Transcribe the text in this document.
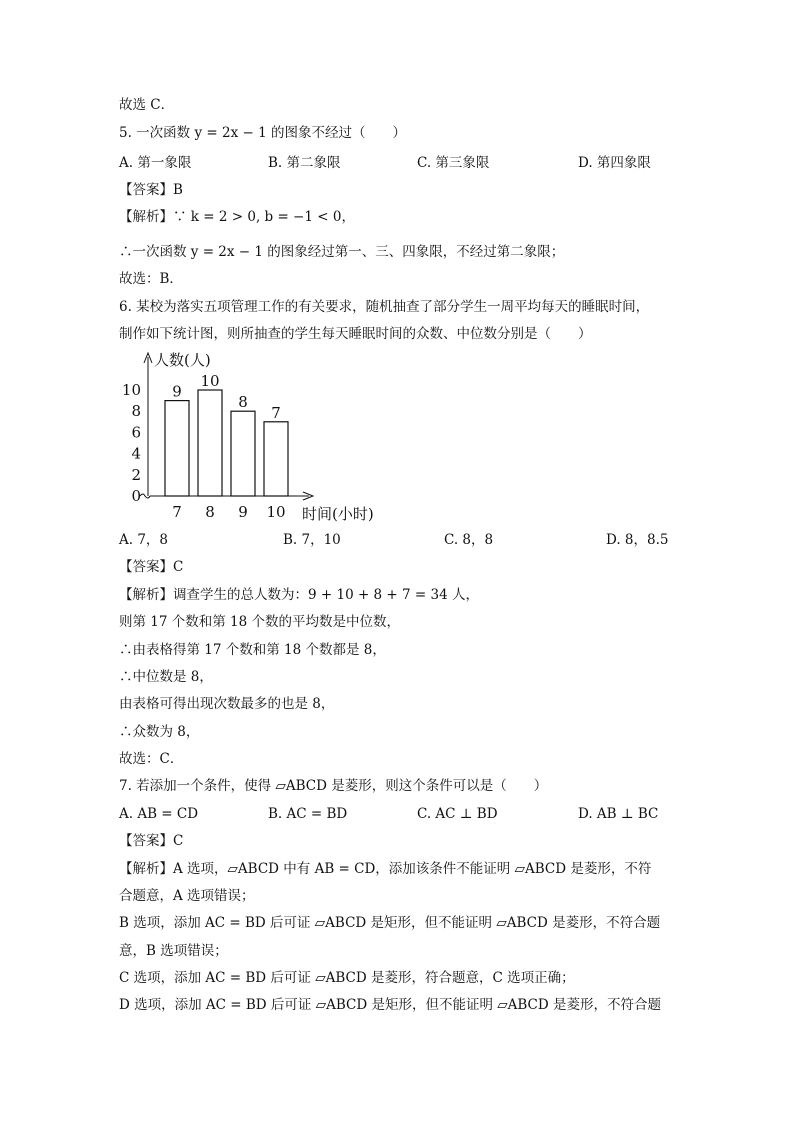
故选 C．
5. 一次函数 y = 2x − 1 的图象不经过（　　）
A. 第一象限	B. 第二象限	C. 第三象限	D. 第四象限
【答案】B
【解析】∵ k = 2 > 0, b = −1 < 0，
∴一次函数 y = 2x − 1 的图象经过第一、三、四象限，不经过第二象限；
故选：B．
6. 某校为落实五项管理工作的有关要求，随机抽查了部分学生一周平均每天的睡眠时间，
制作如下统计图，则所抽查的学生每天睡眠时间的众数、中位数分别是（　　）
0
2
4
6
8
10
人数(人)
9
7
10
8
8
9
7
10 时间(小时)
A. 7，8	B. 7，10	C. 8，8	D. 8，8.5
【答案】C
【解析】调查学生的总人数为：9 + 10 + 8 + 7 = 34 人，
则第 17 个数和第 18 个数的平均数是中位数，
∴由表格得第 17 个数和第 18 个数都是 8，
∴中位数是 8，
由表格可得出现次数最多的也是 8，
∴众数为 8，
故选：C．
7. 若添加一个条件，使得 ▱ABCD 是菱形，则这个条件可以是（　　）
A. AB = CD	B. AC = BD	C. AC ⊥ BD	D. AB ⊥ BC
【答案】C
【解析】A 选项，▱ABCD 中有 AB = CD，添加该条件不能证明 ▱ABCD 是菱形，不符
合题意，A 选项错误；
B 选项，添加 AC = BD 后可证 ▱ABCD 是矩形，但不能证明 ▱ABCD 是菱形，不符合题
意，B 选项错误；
C 选项，添加 AC = BD 后可证 ▱ABCD 是菱形，符合题意，C 选项正确；
D 选项，添加 AC = BD 后可证 ▱ABCD 是矩形，但不能证明 ▱ABCD 是菱形，不符合题
